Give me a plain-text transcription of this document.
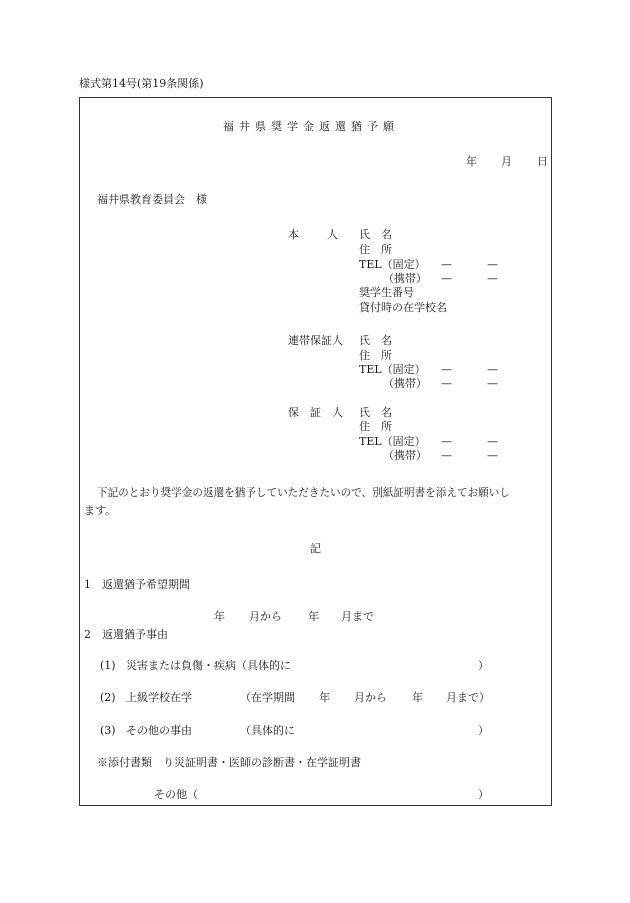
様式第14号(第19条関係)
福井県奨学金返還猶予願
年 月 日
福井県教育委員会　様
本　　人 氏　名
住　所
TEL（固定） —	—
（携帯） —	—
奨学生番号
貸付時の在学校名
連帯保証人 氏　名
住　所
TEL（固定） —	—
（携帯） —	—
保　証　人 氏　名
住　所
TEL（固定） —	—
（携帯） —	—
下記のとおり奨学金の返還を猶予していただきたいので、別紙証明書を添えてお願いし
ます。
記
1　返還猶予希望期間
年 月から 年 月まで
2　返還猶予事由
(1) 災害または負傷・疾病（具体的に	）
(2) 上級学校在学	（在学期間 年 月から 年 月まで）
(3) その他の事由	（具体的に	）
※添付書類　り災証明書・医師の診断書・在学証明書
その他（	）
